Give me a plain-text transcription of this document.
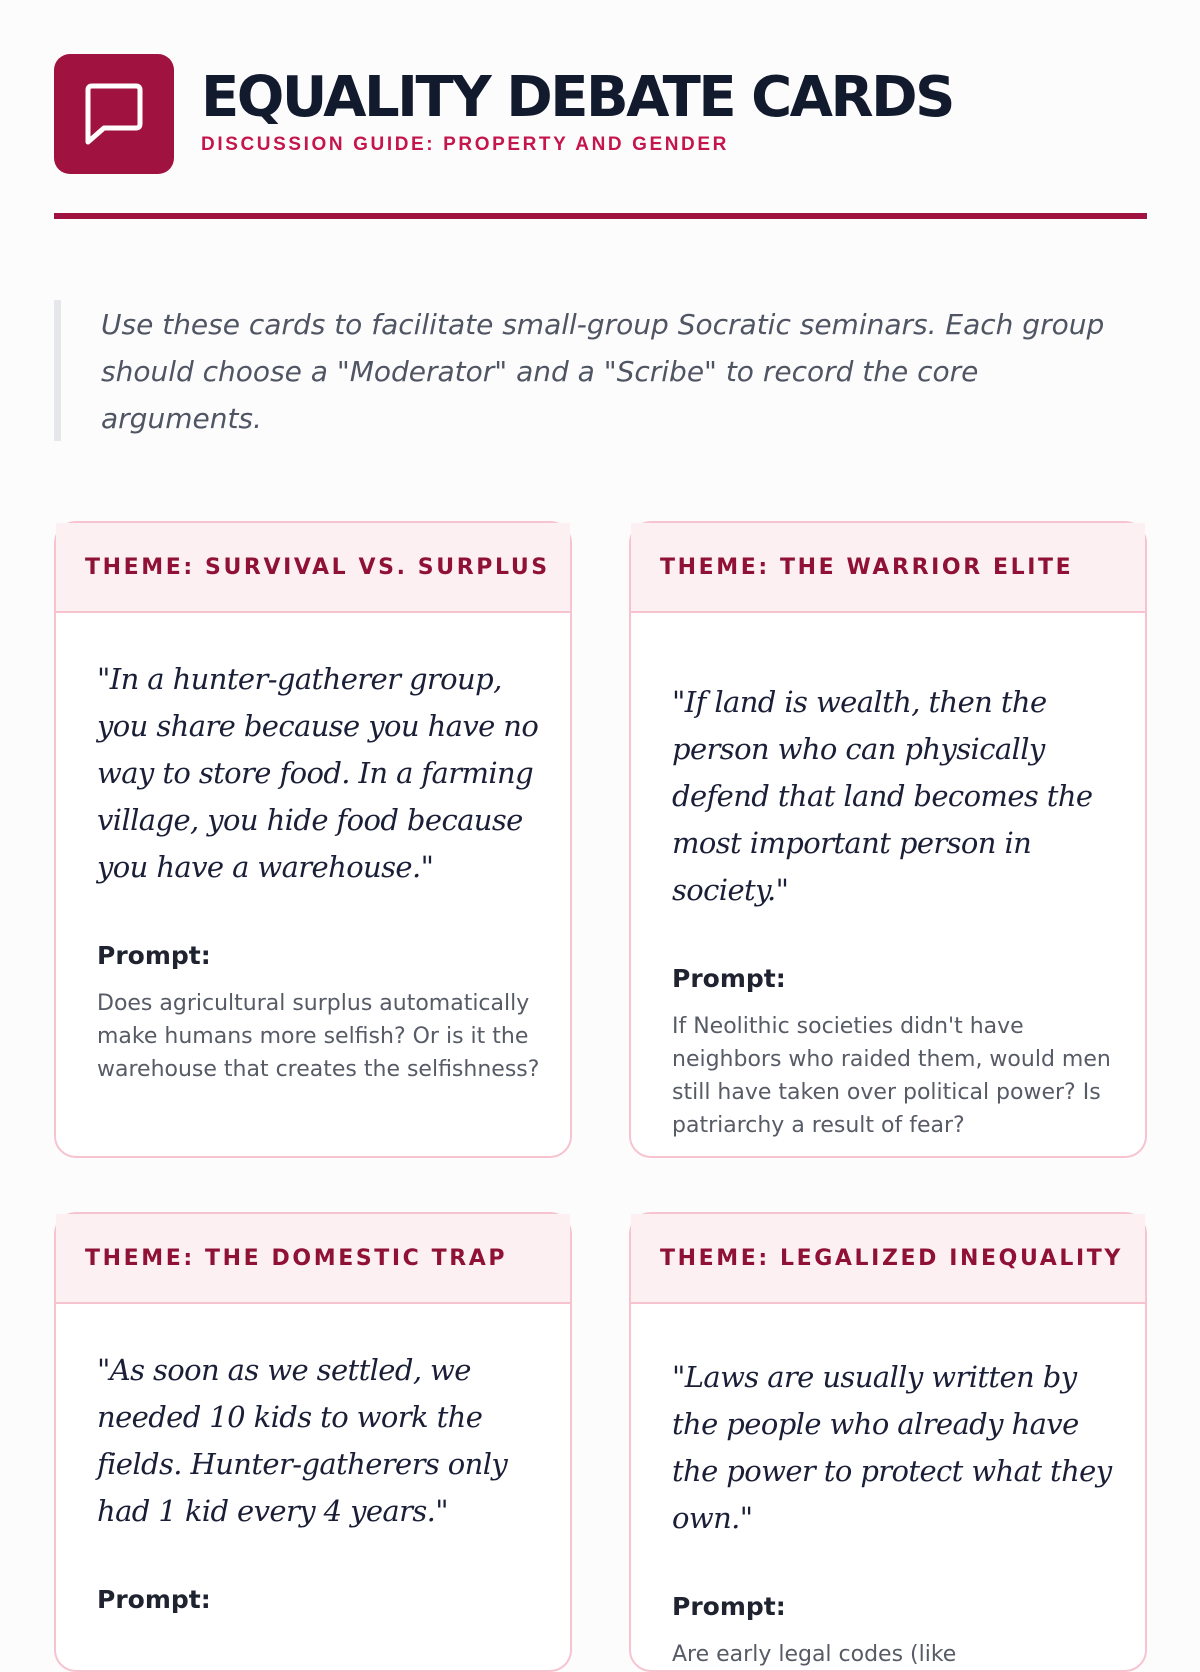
EQUALITY DEBATE CARDS
DISCUSSION GUIDE: PROPERTY AND GENDER

Use these cards to facilitate small-group Socratic seminars. Each group should choose a "Moderator" and a "Scribe" to record the core arguments.

THEME: SURVIVAL VS. SURPLUS

"In a hunter-gatherer group, you share because you have no way to store food. In a farming village, you hide food because you have a warehouse."

Prompt:

Does agricultural surplus automatically make humans more selfish? Or is it the warehouse that creates the selfishness?

THEME: THE WARRIOR ELITE

"If land is wealth, then the person who can physically defend that land becomes the most important person in society."

Prompt:

If Neolithic societies didn't have neighbors who raided them, would men still have taken over political power? Is patriarchy a result of fear?

THEME: THE DOMESTIC TRAP

"As soon as we settled, we needed 10 kids to work the fields. Hunter-gatherers only had 1 kid every 4 years."

Prompt:

THEME: LEGALIZED INEQUALITY

"Laws are usually written by the people who already have the power to protect what they own."

Prompt:

Are early legal codes (like
